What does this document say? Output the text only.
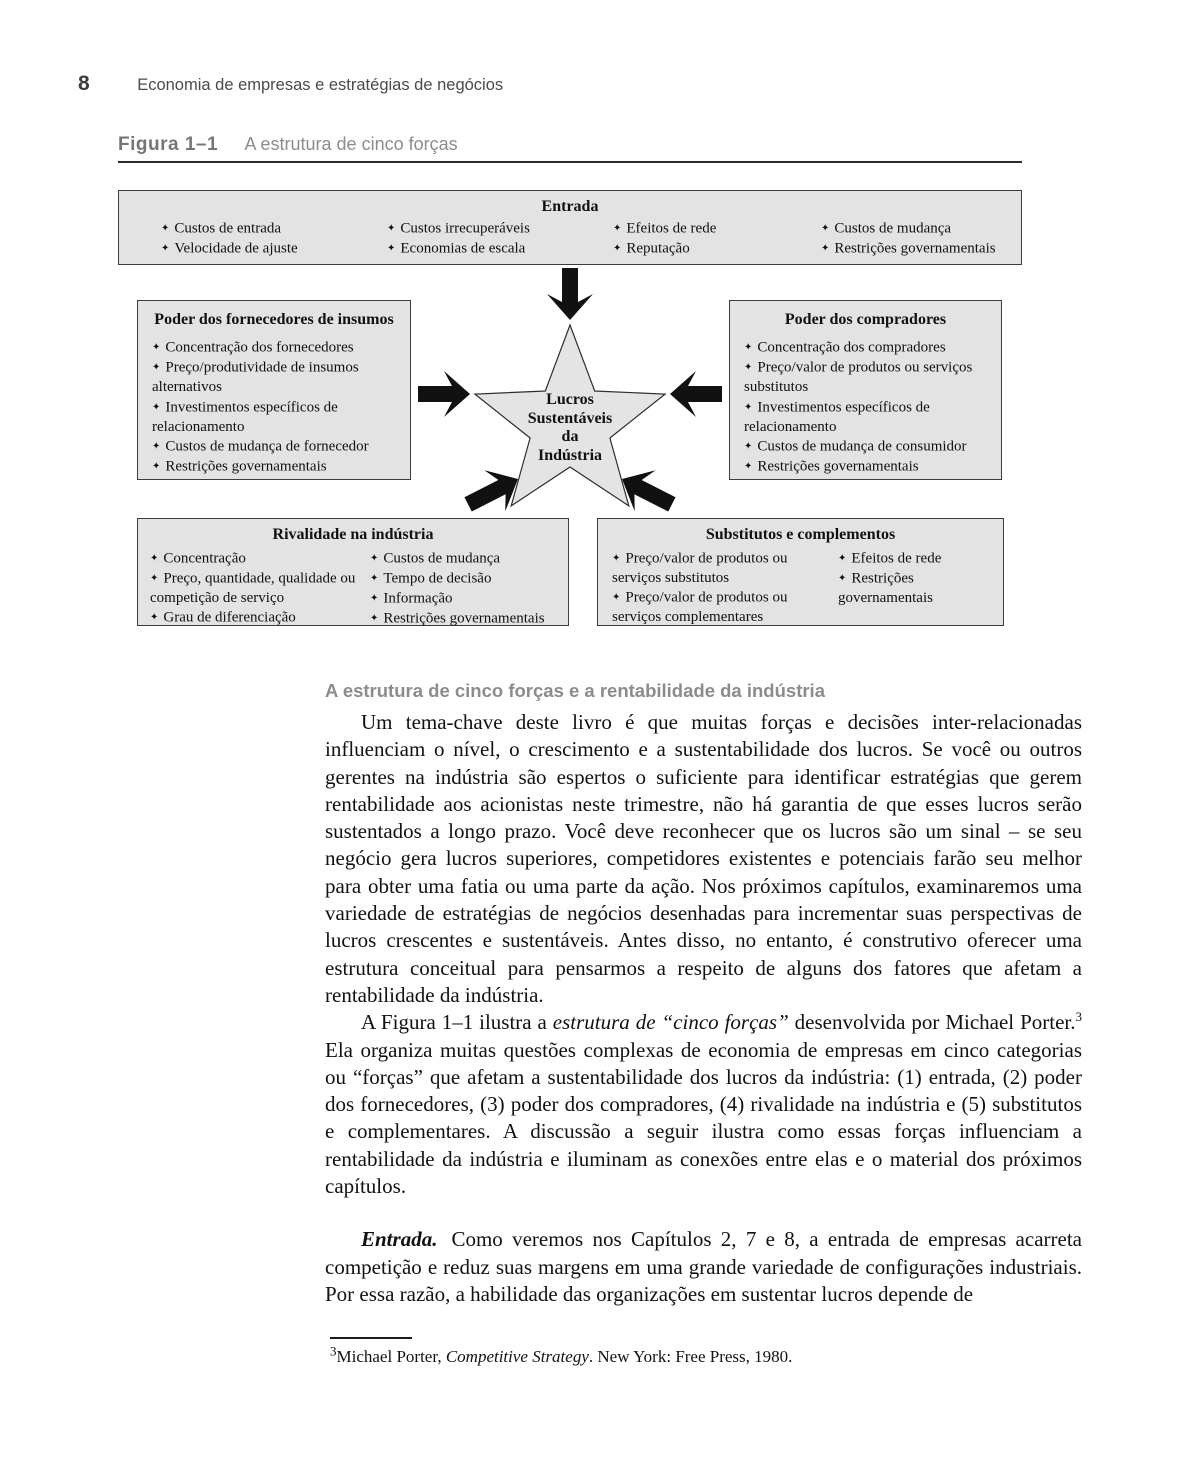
8	Economia de empresas e estratégias de negócios
Figura 1–1 A estrutura de cinco forças
Entrada
✦ Custos de entrada
✦ Velocidade de ajuste
✦ Custos irrecuperáveis
✦ Economias de escala
✦ Efeitos de rede
✦ Reputação
✦ Custos de mudança
✦ Restrições governamentais
Poder dos fornecedores de insumos
✦ Concentração dos fornecedores
✦ Preço/produtividade de insumos alternativos
✦ Investimentos específicos de relacionamento
✦ Custos de mudança de fornecedor
✦ Restrições governamentais
Poder dos compradores
✦ Concentração dos compradores
✦ Preço/valor de produtos ou serviços substitutos
✦ Investimentos específicos de relacionamento
✦ Custos de mudança de consumidor
✦ Restrições governamentais
Lucros
Sustentáveis
da
Indústria
Rivalidade na indústria
✦ Concentração
✦ Preço, quantidade, qualidade ou competição de serviço
✦ Grau de diferenciação
✦ Custos de mudança
✦ Tempo de decisão
✦ Informação
✦ Restrições governamentais
Substitutos e complementos
✦ Preço/valor de produtos ou serviços substitutos
✦ Preço/valor de produtos ou serviços complementares
✦ Efeitos de rede
✦ Restrições governamentais
A estrutura de cinco forças e a rentabilidade da indústria

Um tema-chave deste livro é que muitas forças e decisões inter-relacionadas influenciam o nível, o crescimento e a sustentabilidade dos lucros. Se você ou outros gerentes na indústria são espertos o suficiente para identificar estratégias que gerem rentabilidade aos acionistas neste trimestre, não há garantia de que esses lucros serão sustentados a longo prazo. Você deve reconhecer que os lucros são um sinal – se seu negócio gera lucros superiores, competidores existentes e potenciais farão seu melhor para obter uma fatia ou uma parte da ação. Nos próximos capítulos, examinaremos uma variedade de estratégias de negócios desenhadas para incrementar suas perspectivas de lucros crescentes e sustentáveis. Antes disso, no entanto, é construtivo oferecer uma estrutura conceitual para pensarmos a respeito de alguns dos fatores que afetam a rentabilidade da indústria.

A Figura 1–1 ilustra a estrutura de “cinco forças” desenvolvida por Michael Porter.$^3$ Ela organiza muitas questões complexas de economia de empresas em cinco categorias ou “forças” que afetam a sustentabilidade dos lucros da indústria: (1) entrada, (2) poder dos fornecedores, (3) poder dos compradores, (4) rivalidade na indústria e (5) substitutos e complementares. A discussão a seguir ilustra como essas forças influenciam a rentabilidade da indústria e iluminam as conexões entre elas e o material dos próximos capítulos.

Entrada. Como veremos nos Capítulos 2, 7 e 8, a entrada de empresas acarreta competição e reduz suas margens em uma grande variedade de configurações industriais. Por essa razão, a habilidade das organizações em sustentar lucros depende de

$^3$Michael Porter, Competitive Strategy. New York: Free Press, 1980.
